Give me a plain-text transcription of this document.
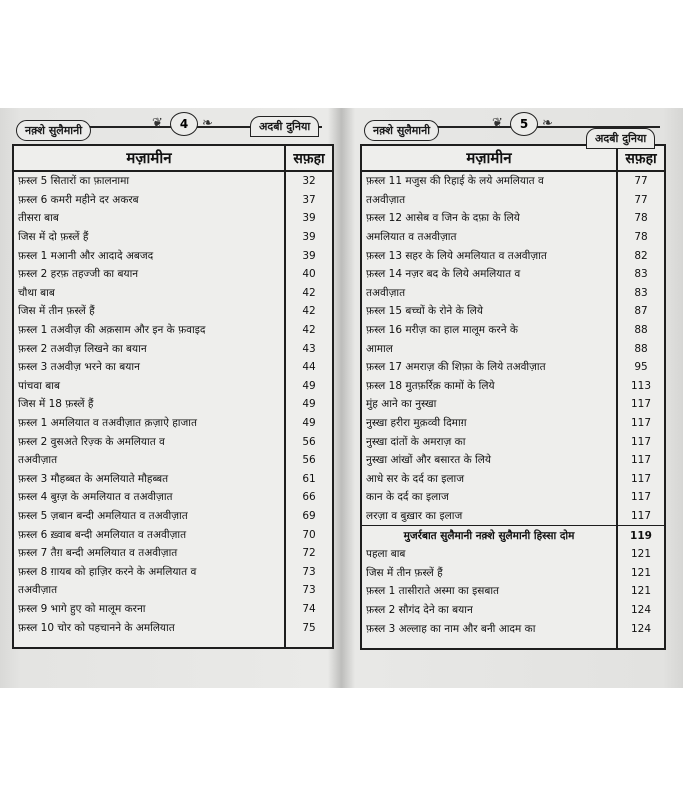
नक़्शे सुलैमानी	❦	4	❧	अदबी दुनिया
मज़ामीन	सफ़हा
फ़स्ल 5 सितारों का फ़ालनामा	32
फ़स्ल 6 कमरी महीने दर अकरब	37
तीसरा बाब	39
जिस में दो फ़स्लें हैं	39
फ़स्ल 1 मआनी और आदादे अबजद	39
फ़स्ल 2 हरफ़ तहज्जी का बयान	40
चौथा बाब	42
जिस में तीन फ़स्लें हैं	42
फ़स्ल 1 तअवीज़ की अक़साम और इन के फ़वाइद	42
फ़स्ल 2 तअवीज़ लिखने का बयान	43
फ़स्ल 3 तअवीज़ भरने का बयान	44
पांचवा बाब	49
जिस में 18 फ़स्लें हैं	49
फ़स्ल 1 अमलियात व तअवीज़ात क़ज़ाऐ हाजात	49
फ़स्ल 2 वुसअते रिज़्क के अमलियात व	56
तअवीज़ात	56
फ़स्ल 3 मौहब्बत के अमलियाते मौहब्बत	61
फ़स्ल 4 बुग़्ज़ के अमलियात व तअवीज़ात	66
फ़स्ल 5 ज़बान बन्दी अमलियात व तअवीज़ात	69
फ़स्ल 6 ख़्वाब बन्दी अमलियात व तअवीज़ात	70
फ़स्ल 7 तैग़ बन्दी अमलियात व तअवीज़ात	72
फ़स्ल 8 ग़ायब को हाज़िर करने के अमलियात व	73
तअवीज़ात	73
फ़स्ल 9 भागे हुए को मालूम करना	74
फ़स्ल 10 चोर को पहचानने के अमलियात	75
नक़्शे सुलैमानी	❦	5	❧
अदबी दुनिया
मज़ामीन	सफ़हा
फ़स्ल 11 मजुस की रिहाई के लये अमलियात व	77
तअवीज़ात	77
फ़स्ल 12 आसेब व जिन के दफ़ा के लिये	78
अमलियात व तअवीज़ात	78
फ़स्ल 13 सहर के लिये अमलियात व तअवीज़ात	82
फ़स्ल 14 नज़र बद के लिये अमलियात व	83
तअवीज़ात	83
फ़स्ल 15 बच्चों के रोने के लिये	87
फ़स्ल 16 मरीज़ का हाल मालूम करने के	88
आमाल	88
फ़स्ल 17 अमराज़ की शिफ़ा के लिये तअवीज़ात	95
फ़स्ल 18 मुतफ़र्रिक़ कामों के लिये	113
मुंह आने का नुस्खा	117
नुस्खा हरीरा मुक़व्वी दिमाग़	117
नुस्खा दांतों के अमराज़ का	117
नुस्खा आंखों और बसारत के लिये	117
आधे सर के दर्द का इलाज	117
कान के दर्द का इलाज	117
लरज़ा व बुख़ार का इलाज	117
मुजर्रबात सुलैमानी नक़्शे सुलैमानी हिस्सा दोम	119
पहला बाब	121
जिस में तीन फ़स्लें हैं	121
फ़स्ल 1 तासीराते अस्मा का इसबात	121
फ़स्ल 2 सौगंद देने का बयान	124
फ़स्ल 3 अल्लाह का नाम और बनी आदम का	124
